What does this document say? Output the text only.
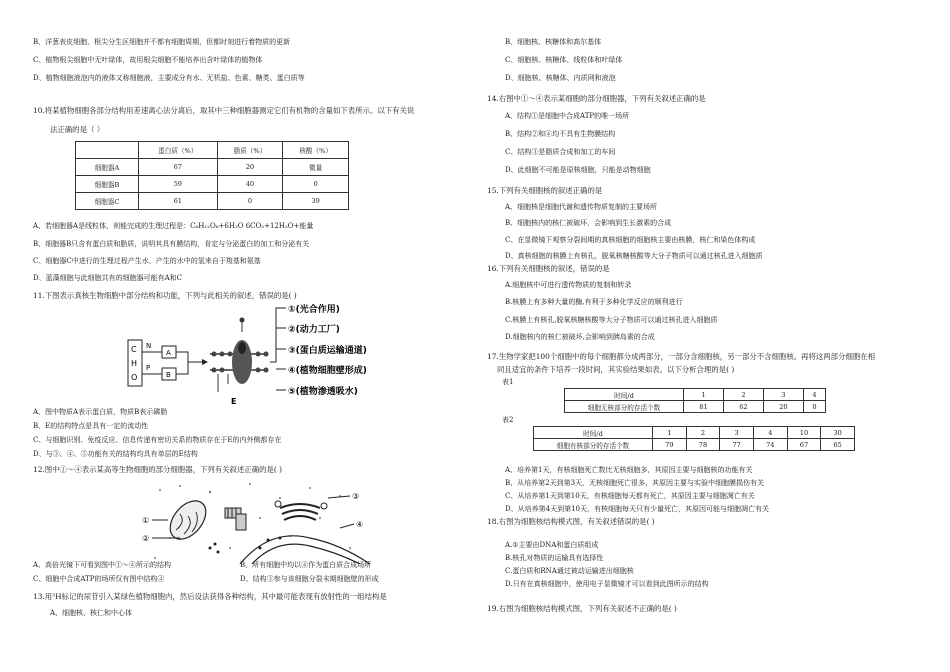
B、洋葱表皮细胞、根尖分生区细胞并不都有细胞周期，但都时刻进行着物质的更新
C、植物根尖细胞中无叶绿体，故用根尖细胞不能培养出含叶绿体的植物体
D、植物细胞液泡内的液体又称细胞液，主要成分有水、无机盐、色素、糖类、蛋白质等
10.将某植物细胞各部分结构用差速离心法分离后，取其中三种细胞器测定它们有机物的含量如下表所示。以下有关说
法正确的是（ ）
	蛋白质（%）	脂质（%）	核酸（%）
细胞器A	67	20	微量
细胞器B	59	40	0
细胞器C	61	0	39
A、若细胞器A是线粒体，则能完成的生理过程是：C₆H₁₂O₆+6H₂O 6CO₂+12H₂O+能量
B、细胞器B只含有蛋白质和脂质，说明其具有膜结构，肯定与分泌蛋白的加工和分泌有关
C、细胞器C中进行的生理过程产生水，产生的水中的氢来自于羧基和氨基
D、蓝藻细胞与此细胞共有的细胞器可能有A和C
11.下图表示真核生物细胞中部分结构和功能，下列与此相关的叙述，错误的是( )
C
H
O
N
P
A
B
E
①(光合作用)
②(动力工厂)
③(蛋白质运输通道)
④(植物细胞壁形成)
⑤(植物渗透吸水)
A、图中物质A表示蛋白质，物质B表示磷脂
B、E的结构特点是具有一定的流动性
C、与细胞识别、免疫反应、信息传递有密切关系的物质存在于E的内外侧都存在
D、与③、④、⑤功能有关的结构均具有单层的E结构
12.图中①～④表示某高等生物细胞的部分细胞器，下列有关叙述正确的是( )
①
②
③
④
A、高倍光镜下可看到图中①～④所示的结构	B、所有细胞中均以④作为蛋白质合成场所
C、细胞中合成ATP的场所仅有图中结构④	D、结构③参与该细胞分裂末期细胞壁的形成
13.用³H标记的尿苷引入某绿色植物细胞内，然后设法获得各种结构，其中最可能表现有放射性的一组结构是
A、细胞核、核仁和中心体
B、细胞核、核糖体和高尔基体
C、细胞核、核糖体、线粒体和叶绿体
D、细胞核、核糖体、内质网和液泡
14.右图中①～④表示某细胞的部分细胞器，下列有关叙述正确的是
A、结构①是细胞中合成ATP的唯一场所
B、结构②和④均不具有生物膜结构
C、结构③是脂质合成和加工的车间
D、此细胞不可能是原核细胞，只能是动物细胞
15.下列有关细胞核的叙述正确的是
A、细胞核是细胞代谢和遗传物质复制的主要场所
B、细胞核内的核仁被破坏，会影响到生长激素的合成
C、在显微镜下观察分裂间期的真核细胞的细胞核主要由核膜，核仁和染色体构成
D、真核细胞的核膜上有核孔，脱氧核糖核酸等大分子物质可以通过核孔进入细胞质
16.下列有关细胞核的叙述，错误的是
A.细胞核中可进行遗传物质的复制和转录
B.核膜上有多种大量的酶,有利于多种化学反应的顺利进行
C.核膜上有核孔,脱氧核糖核酸等大分子物质可以通过核孔进入细胞质
D.细胞核内的核仁被破坏,会影响到胰岛素的合成
17.生物学家把100个细胞中的每个细胞都分成两部分，一部分含细胞核，另一部分不含细胞核。再将这两部分细胞在相
同且适宜的条件下培养一段时间，其实验结果如表。以下分析合理的是( )
表1
时间/d	1	2	3	4
细胞无核部分的存活个数	81	62	20	0
表2
时间/d	1	2	3	4	10	30
细胞有核部分的存活个数	79	78	77	74	67	65
A、培养第1天，有核细胞死亡数比无核细胞多，其原因主要与细胞核的功能有关
B、从培养第2天到第3天，无核细胞死亡很多，其原因主要与实验中细胞膜损伤有关
C、从培养第1天到第10天，有核细胞每天都有死亡，其原因主要与细胞凋亡有关
D、从培养第4天到第10天，有核细胞每天只有少量死亡，其原因可能与细胞凋亡有关
18.右图为细胞核结构模式图，有关叙述错误的是( )
A.①主要由DNA和蛋白质组成
B.核孔对物质的运输具有选择性
C.蛋白质和RNA通过被动运输进出细胞核
D.只有在真核细胞中，使用电子显微镜才可以看到此图所示的结构
19.右图为细胞核结构模式图，下列有关叙述不正确的是( )
